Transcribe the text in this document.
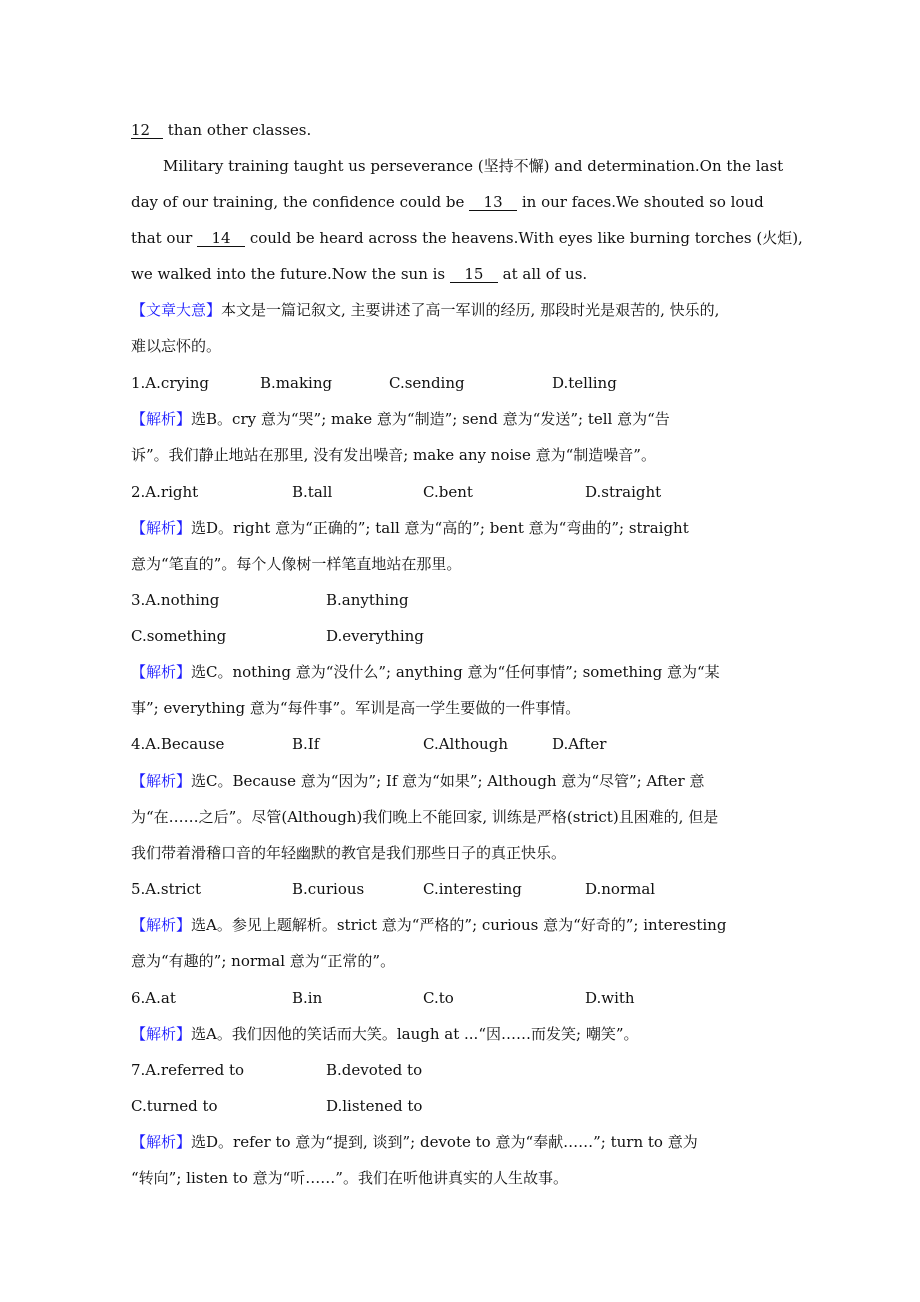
12 than other classes.
Military training taught us perseverance (坚持不懈) and determination.On the last
day of our training, the confidence could be 13 in our faces.We shouted so loud
that our 14 could be heard across the heavens.With eyes like burning torches (火炬),
we walked into the future.Now the sun is 15 at all of us.
【文章大意】本文是一篇记叙文, 主要讲述了高一军训的经历, 那段时光是艰苦的, 快乐的,
难以忘怀的。
1.A.crying	B.making	C.sending	D.telling
【解析】选B。cry 意为“哭”; make 意为“制造”; send 意为“发送”; tell 意为“告
诉”。我们静止地站在那里, 没有发出噪音; make any noise 意为“制造噪音”。
2.A.right	B.tall	C.bent	D.straight
【解析】选D。right 意为“正确的”; tall 意为“高的”; bent 意为“弯曲的”; straight
意为“笔直的”。每个人像树一样笔直地站在那里。
3.A.nothing	B.anything
C.something	D.everything
【解析】选C。nothing 意为“没什么”; anything 意为“任何事情”; something 意为“某
事”; everything 意为“每件事”。军训是高一学生要做的一件事情。
4.A.Because	B.If	C.Although	D.After
【解析】选C。Because 意为“因为”; If 意为“如果”; Although 意为“尽管”; After 意
为“在……之后”。尽管(Although)我们晚上不能回家, 训练是严格(strict)且困难的, 但是
我们带着滑稽口音的年轻幽默的教官是我们那些日子的真正快乐。
5.A.strict	B.curious	C.interesting	D.normal
【解析】选A。参见上题解析。strict 意为“严格的”; curious 意为“好奇的”; interesting
意为“有趣的”; normal 意为“正常的”。
6.A.at	B.in	C.to	D.with
【解析】选A。我们因他的笑话而大笑。laugh at ...“因……而发笑; 嘲笑”。
7.A.referred to	B.devoted to
C.turned to	D.listened to
【解析】选D。refer to 意为“提到, 谈到”; devote to 意为“奉献……”; turn to 意为
“转向”; listen to 意为“听……”。我们在听他讲真实的人生故事。
